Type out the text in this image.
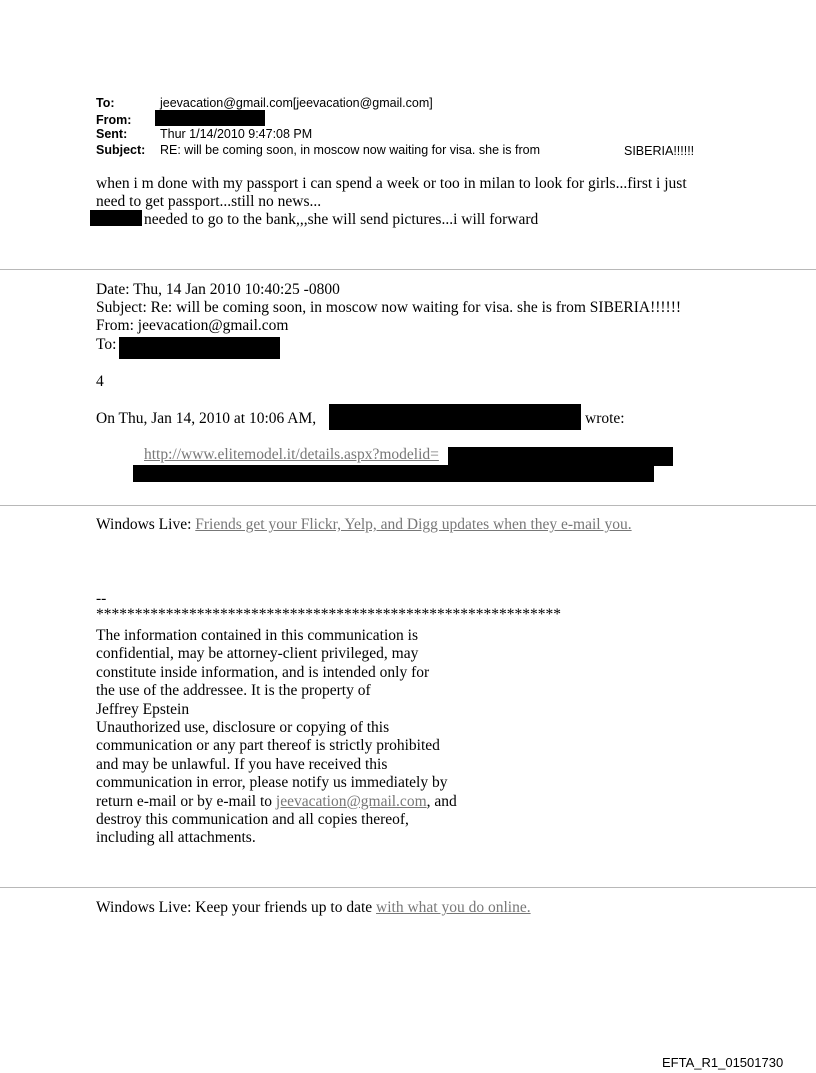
To:	jeevacation@gmail.com[jeevacation@gmail.com]
From:
Sent:	Thur 1/14/2010 9:47:08 PM
Subject: RE: will be coming soon, in moscow now waiting for visa. she is from	SIBERIA!!!!!!
when i m done with my passport i can spend a week or too in milan to look for girls...first i just
need to get passport...still no news...
needed to go to the bank,,,she will send pictures...i will forward
Date: Thu, 14 Jan 2010 10:40:25 -0800
Subject: Re: will be coming soon, in moscow now waiting for visa. she is from SIBERIA!!!!!!
From: jeevacation@gmail.com
To:
4
On Thu, Jan 14, 2010 at 10:06 AM,	wrote:
http://www.elitemodel.it/details.aspx?modelid=
Windows Live: Friends get your Flickr, Yelp, and Digg updates when they e-mail you.
--
************************************************************
The information contained in this communication is
confidential, may be attorney-client privileged, may
constitute inside information, and is intended only for
the use of the addressee. It is the property of
Jeffrey Epstein
Unauthorized use, disclosure or copying of this
communication or any part thereof is strictly prohibited
and may be unlawful. If you have received this
communication in error, please notify us immediately by
return e-mail or by e-mail to jeevacation@gmail.com, and
destroy this communication and all copies thereof,
including all attachments.
Windows Live: Keep your friends up to date with what you do online.
EFTA_R1_01501730
